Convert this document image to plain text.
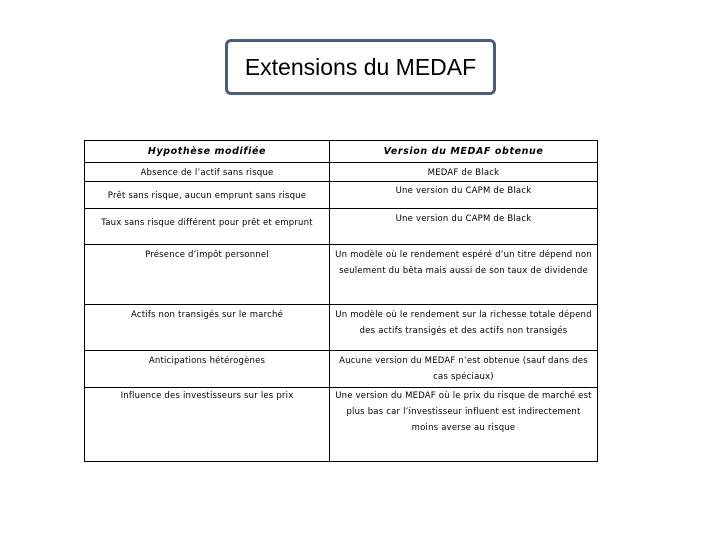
Extensions du MEDAF
Hypothèse modifiée	Version du MEDAF obtenue
Absence de l’actif sans risque	MEDAF de Black
Prêt sans risque, aucun emprunt sans risque	Une version du CAPM de Black
Taux sans risque différent pour prêt et emprunt	Une version du CAPM de Black
Présence d’impôt personnel	Un modèle où le rendement espéré d’un titre dépend non seulement du bêta mais aussi de son taux de dividende
Actifs non transigés sur le marché	Un modèle où le rendement sur la richesse totale dépend des actifs transigés et des actifs non transigés
Anticipations hétérogènes	Aucune version du MEDAF n’est obtenue (sauf dans des cas spéciaux)
Influence des investisseurs sur les prix	Une version du MEDAF où le prix du risque de marché est plus bas car l’investisseur influent est indirectement moins averse au risque
